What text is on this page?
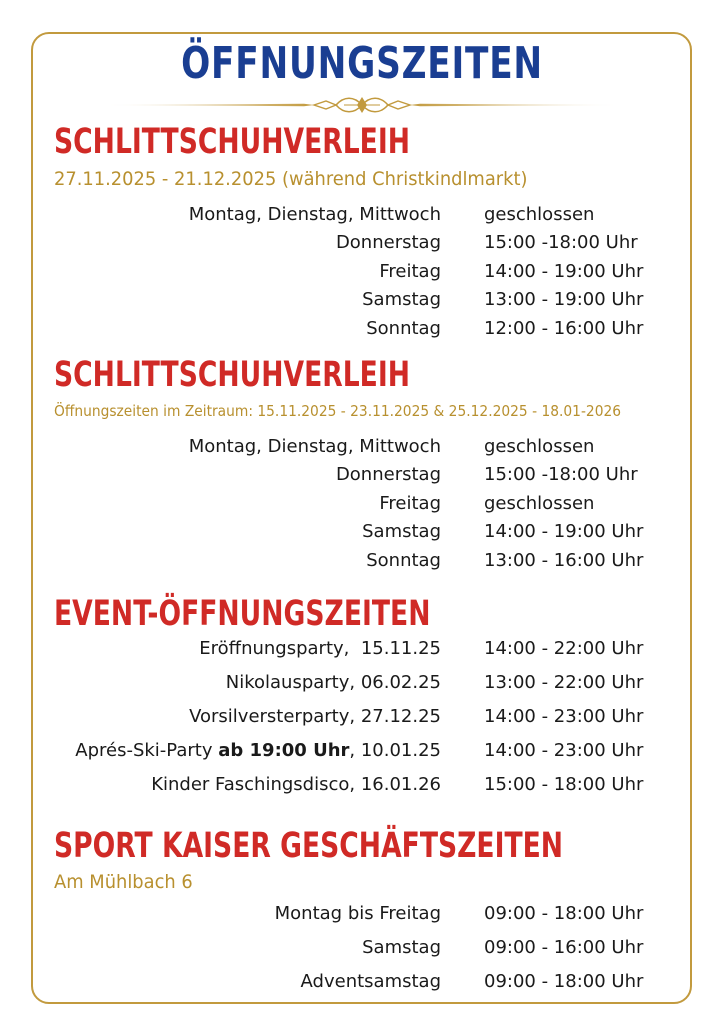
ÖFFNUNGSZEITEN
SCHLITTSCHUHVERLEIH
27.11.2025 - 21.12.2025 (während Christkindlmarkt)
Montag, Dienstag, Mittwoch geschlossen
Donnerstag 15:00 -18:00 Uhr
Freitag 14:00 - 19:00 Uhr
Samstag 13:00 - 19:00 Uhr
Sonntag 12:00 - 16:00 Uhr
SCHLITTSCHUHVERLEIH
Öffnungszeiten im Zeitraum: 15.11.2025 - 23.11.2025 & 25.12.2025 - 18.01-2026
Montag, Dienstag, Mittwoch geschlossen
Donnerstag 15:00 -18:00 Uhr
Freitag geschlossen
Samstag 14:00 - 19:00 Uhr
Sonntag 13:00 - 16:00 Uhr
EVENT-ÖFFNUNGSZEITEN
Eröffnungsparty,  15.11.25 14:00 - 22:00 Uhr
Nikolausparty, 06.02.25 13:00 - 22:00 Uhr
Vorsilversterparty, 27.12.25 14:00 - 23:00 Uhr
Aprés-Ski-Party ab 19:00 Uhr, 10.01.25 14:00 - 23:00 Uhr
Kinder Faschingsdisco, 16.01.26 15:00 - 18:00 Uhr
SPORT KAISER GESCHÄFTSZEITEN
Am Mühlbach 6
Montag bis Freitag 09:00 - 18:00 Uhr
Samstag 09:00 - 16:00 Uhr
Adventsamstag 09:00 - 18:00 Uhr
